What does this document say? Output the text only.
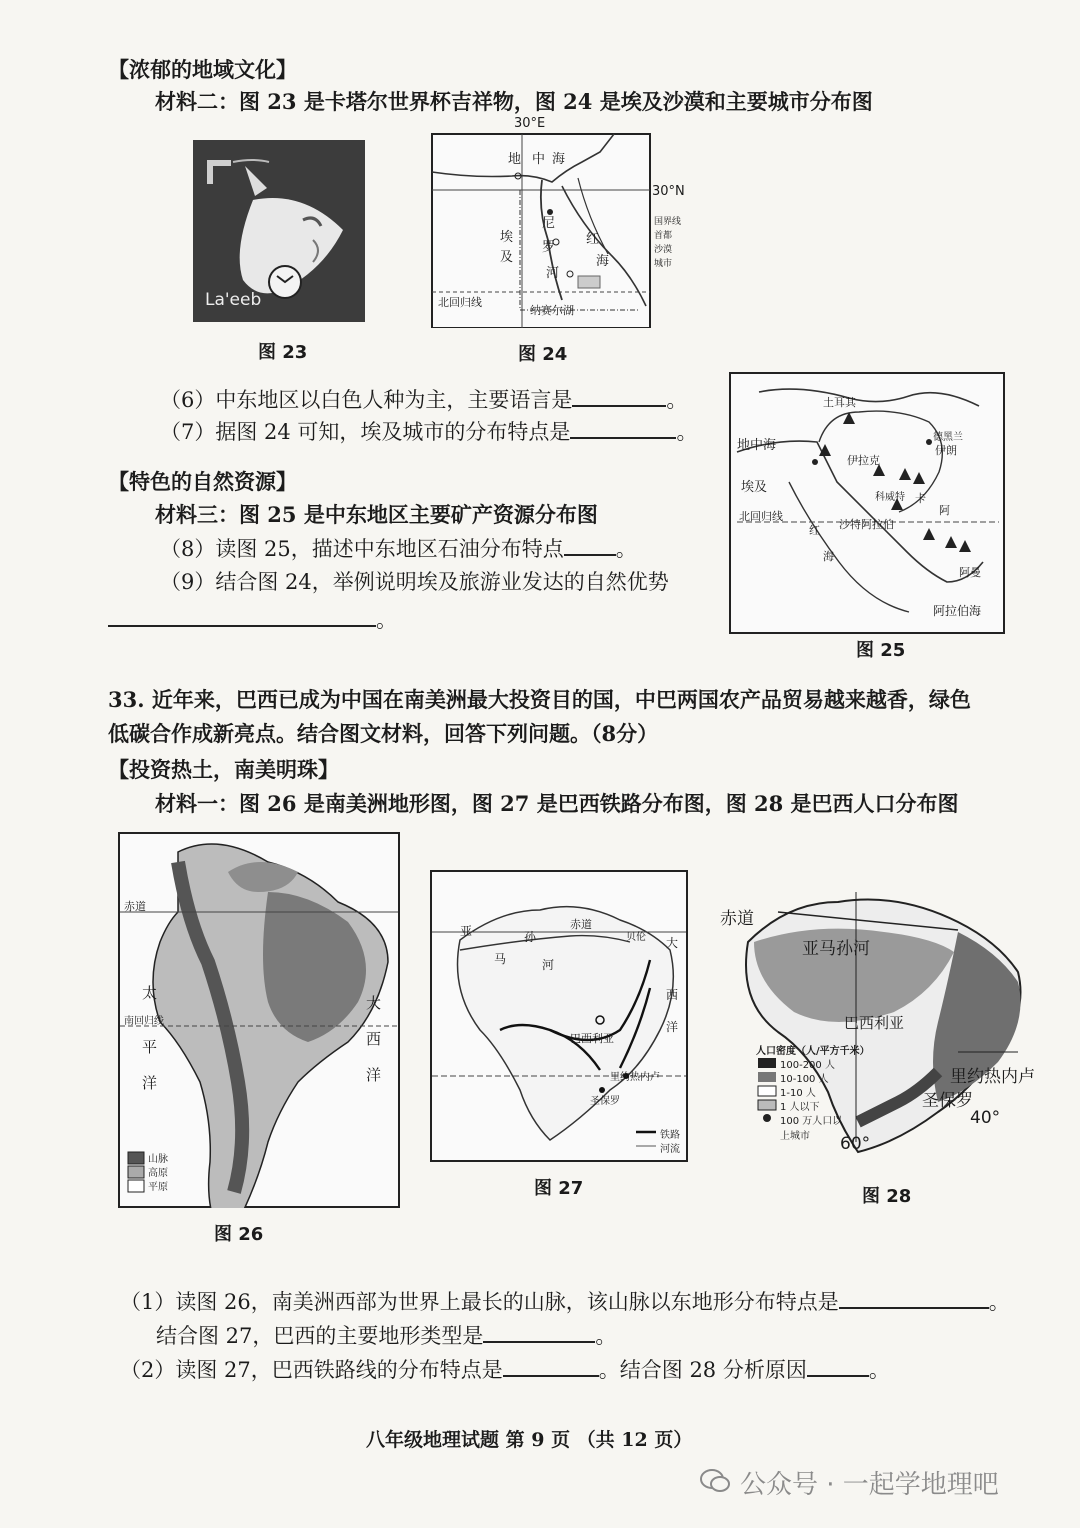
【浓郁的地域文化】
材料二：图 23 是卡塔尔世界杯吉祥物，图 24 是埃及沙漠和主要城市分布图
La'eeb
图 23
30°E
30°N
地 中 海
尼
罗
河
红
海
埃
及
北回归线
纳赛尔湖
国界线
首都
沙漠
城市
图 24
（6）中东地区以白色人种为主，主要语言是	。
（7）据图 24 可知，埃及城市的分布特点是	。
【特色的自然资源】
材料三：图 25 是中东地区主要矿产资源分布图
（8）读图 25，描述中东地区石油分布特点 。
（9）结合图 24，举例说明埃及旅游业发达的自然优势
。
土耳其
地中海
伊拉克
伊朗
德黑兰
埃及
科威特
沙特阿拉伯
北回归线
红
海
阿拉伯海
阿曼
卡
阿
图 25
33. 近年来，巴西已成为中国在南美洲最大投资目的国，中巴两国农产品贸易越来越香，绿色
低碳合作成新亮点。结合图文材料，回答下列问题。（8分）
【投资热土，南美明珠】
材料一：图 26 是南美洲地形图，图 27 是巴西铁路分布图，图 28 是巴西人口分布图
赤道
南回归线
太
平
洋
大
西
洋
山脉
高原
平原
图 26
亚	孙
马	河
赤道
大
西
洋
巴西利亚
里约热内卢
圣保罗
贝伦
铁路
河流
图 27
赤道
亚马孙河
巴西利亚
里约热内卢
圣保罗
40°
60°
人口密度（人/平方千米）
100-200 人
10-100 人
1-10 人
1 人以下
100 万人口以上城市
图 28
（1）读图 26，南美洲西部为世界上最长的山脉，该山脉以东地形分布特点是	。
结合图 27，巴西的主要地形类型是	。
（2）读图 27，巴西铁路线的分布特点是	。结合图 28 分析原因	。
八年级地理试题 第 9 页 （共 12 页）
公众号 · 一起学地理吧
